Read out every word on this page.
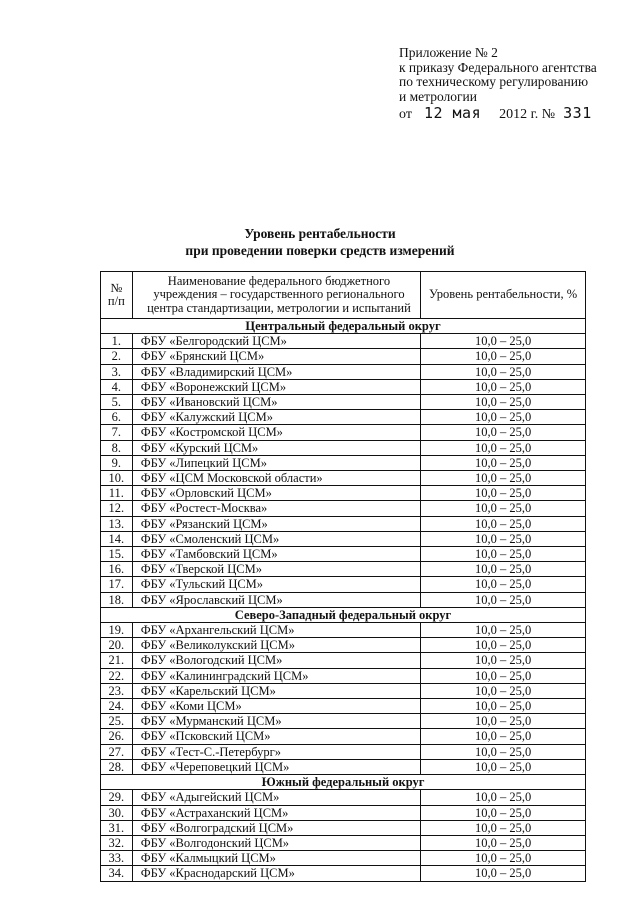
Приложение № 2
к приказу Федерального агентства
по техническому регулированию
и метрологии
от 12 мая 2012 г. № 331
Уровень рентабельности
при проведении поверки средств измерений
№ п/п	Наименование федерального бюджетного учреждения – государственного регионального центра стандартизации, метрологии и испытаний	Уровень рентабельности, %
Центральный федеральный округ		
1.	ФБУ «Белгородский ЦСМ»	10,0 – 25,0
2.	ФБУ «Брянский ЦСМ»	10,0 – 25,0
3.	ФБУ «Владимирский ЦСМ»	10,0 – 25,0
4.	ФБУ «Воронежский ЦСМ»	10,0 – 25,0
5.	ФБУ «Ивановский ЦСМ»	10,0 – 25,0
6.	ФБУ «Калужский ЦСМ»	10,0 – 25,0
7.	ФБУ «Костромской ЦСМ»	10,0 – 25,0
8.	ФБУ «Курский ЦСМ»	10,0 – 25,0
9.	ФБУ «Липецкий ЦСМ»	10,0 – 25,0
10.	ФБУ «ЦСМ Московской области»	10,0 – 25,0
11.	ФБУ «Орловский ЦСМ»	10,0 – 25,0
12.	ФБУ «Ростест-Москва»	10,0 – 25,0
13.	ФБУ «Рязанский ЦСМ»	10,0 – 25,0
14.	ФБУ «Смоленский ЦСМ»	10,0 – 25,0
15.	ФБУ «Тамбовский ЦСМ»	10,0 – 25,0
16.	ФБУ «Тверской ЦСМ»	10,0 – 25,0
17.	ФБУ «Тульский ЦСМ»	10,0 – 25,0
18.	ФБУ «Ярославский ЦСМ»	10,0 – 25,0
Северо-Западный федеральный округ		
19.	ФБУ «Архангельский ЦСМ»	10,0 – 25,0
20.	ФБУ «Великолукский ЦСМ»	10,0 – 25,0
21.	ФБУ «Вологодский ЦСМ»	10,0 – 25,0
22.	ФБУ «Калининградский ЦСМ»	10,0 – 25,0
23.	ФБУ «Карельский ЦСМ»	10,0 – 25,0
24.	ФБУ «Коми ЦСМ»	10,0 – 25,0
25.	ФБУ «Мурманский ЦСМ»	10,0 – 25,0
26.	ФБУ «Псковский ЦСМ»	10,0 – 25,0
27.	ФБУ «Тест-С.-Петербург»	10,0 – 25,0
28.	ФБУ «Череповецкий ЦСМ»	10,0 – 25,0
Южный федеральный округ		
29.	ФБУ «Адыгейский ЦСМ»	10,0 – 25,0
30.	ФБУ «Астраханский ЦСМ»	10,0 – 25,0
31.	ФБУ «Волгоградский ЦСМ»	10,0 – 25,0
32.	ФБУ «Волгодонский ЦСМ»	10,0 – 25,0
33.	ФБУ «Калмыцкий ЦСМ»	10,0 – 25,0
34.	ФБУ «Краснодарский ЦСМ»	10,0 – 25,0
